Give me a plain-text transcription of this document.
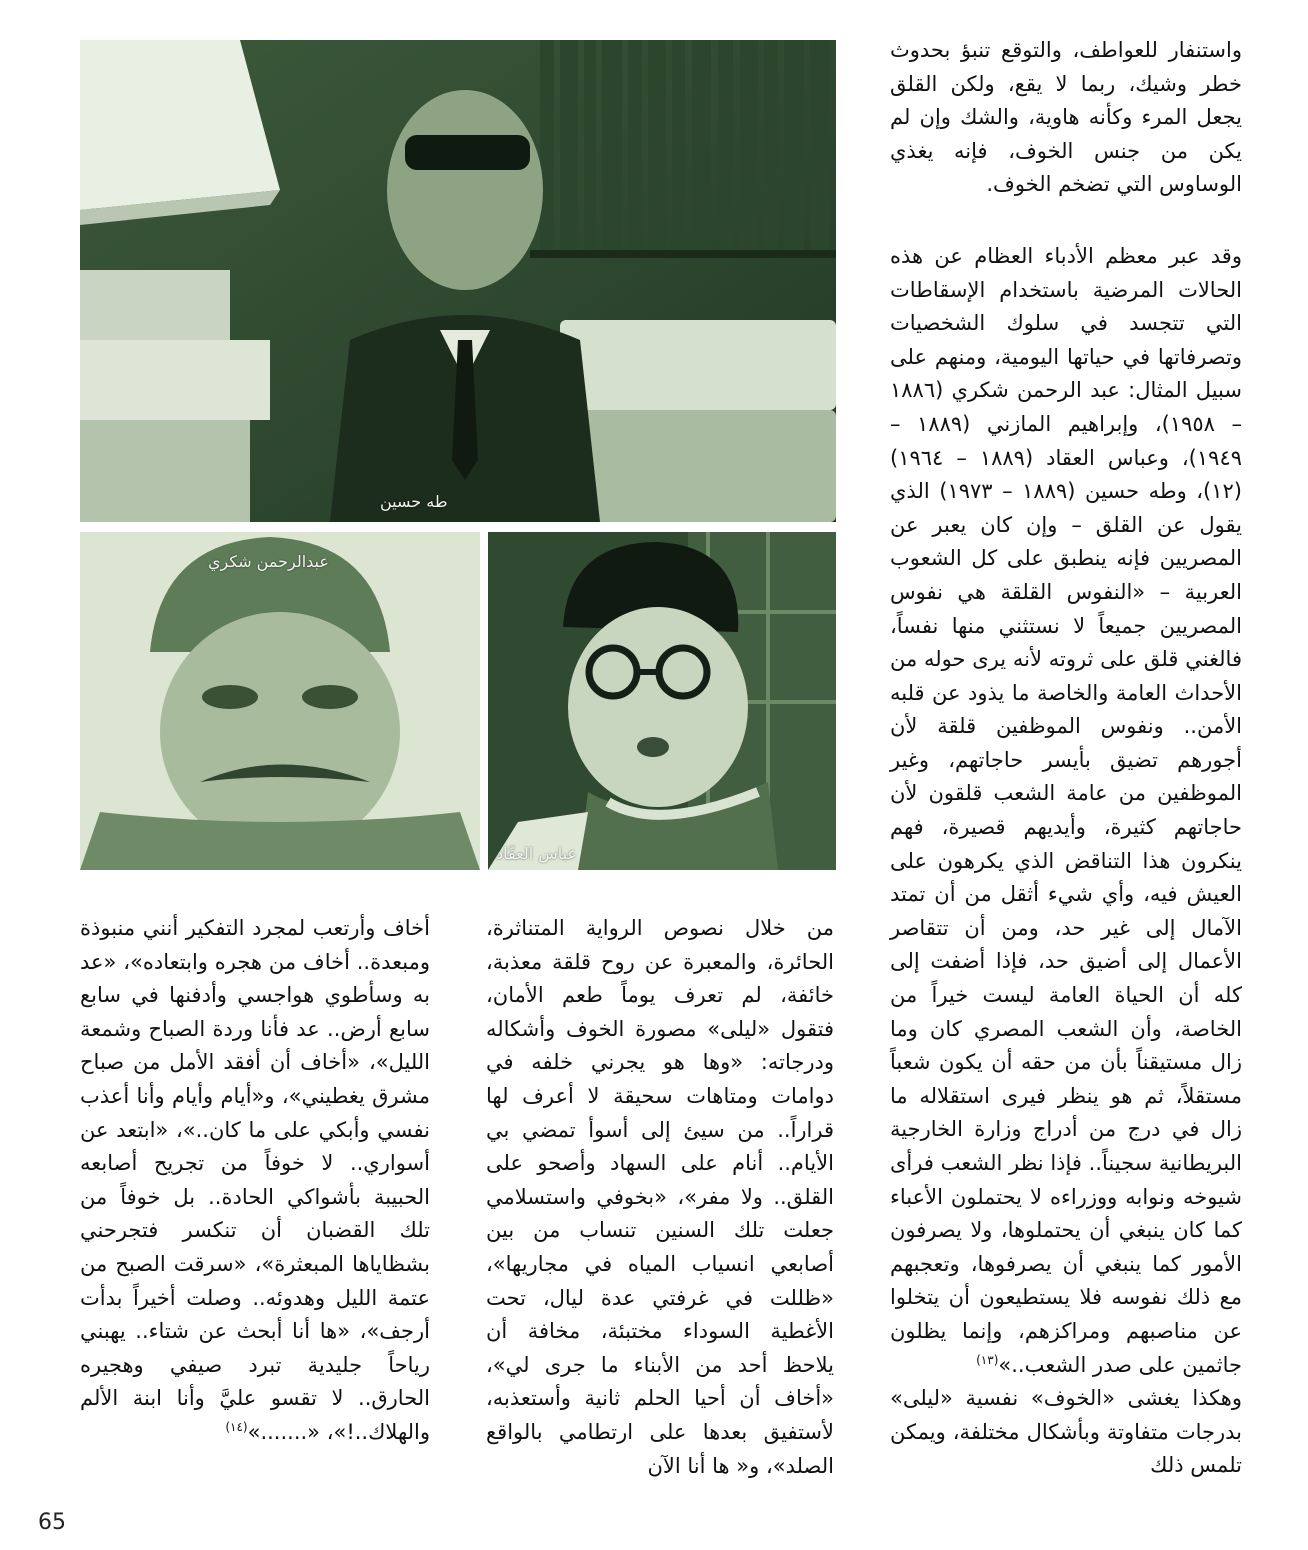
طه حسين
عبدالرحمن شكري
عباس العقّاد

واستنفار للعواطف، والتوقع تنبؤ بحدوث خطر وشيك، ربما لا يقع، ولكن القلق يجعل المرء وكأنه هاوية، والشك وإن لم يكن من جنس الخوف، فإنه يغذي الوساوس التي تضخم الخوف.

وقد عبر معظم الأدباء العظام عن هذه الحالات المرضية باستخدام الإسقاطات التي تتجسد في سلوك الشخصيات وتصرفاتها في حياتها اليومية، ومنهم على سبيل المثال: عبد الرحمن شكري (١٨٨٦ – ١٩٥٨)، وإبراهيم المازني (١٨٨٩ – ١٩٤٩)، وعباس العقاد (١٨٨٩ – ١٩٦٤)(١٢)، وطه حسين (١٨٨٩ – ١٩٧٣) الذي يقول عن القلق – وإن كان يعبر عن المصريين فإنه ينطبق على كل الشعوب العربية – «النفوس القلقة هي نفوس المصريين جميعاً لا نستثني منها نفساً، فالغني قلق على ثروته لأنه يرى حوله من الأحداث العامة والخاصة ما يذود عن قلبه الأمن.. ونفوس الموظفين قلقة لأن أجورهم تضيق بأيسر حاجاتهم، وغير الموظفين من عامة الشعب قلقون لأن حاجاتهم كثيرة، وأيديهم قصيرة، فهم ينكرون هذا التناقض الذي يكرهون على العيش فيه، وأي شيء أثقل من أن تمتد الآمال إلى غير حد، ومن أن تتقاصر الأعمال إلى أضيق حد، فإذا أضفت إلى كله أن الحياة العامة ليست خيراً من الخاصة، وأن الشعب المصري كان وما زال مستيقناً بأن من حقه أن يكون شعباً مستقلاً، ثم هو ينظر فيرى استقلاله ما زال في درج من أدراج وزارة الخارجية البريطانية سجيناً.. فإذا نظر الشعب فرأى شيوخه ونوابه ووزراءه لا يحتملون الأعباء كما كان ينبغي أن يحتملوها، ولا يصرفون الأمور كما ينبغي أن يصرفوها، وتعجبهم مع ذلك نفوسه فلا يستطيعون أن يتخلوا عن مناصبهم ومراكزهم، وإنما يظلون جاثمين على صدر الشعب..»$^{(١٣)}$

وهكذا يغشى «الخوف» نفسية «ليلى» بدرجات متفاوتة وبأشكال مختلفة، ويمكن تلمس ذلك

من خلال نصوص الرواية المتناثرة، الحائرة، والمعبرة عن روح قلقة معذبة، خائفة، لم تعرف يوماً طعم الأمان، فتقول «ليلى» مصورة الخوف وأشكاله ودرجاته: «وها هو يجرني خلفه في دوامات ومتاهات سحيقة لا أعرف لها قراراً.. من سيئ إلى أسوأ تمضي بي الأيام.. أنام على السهاد وأصحو على القلق.. ولا مفر»، «بخوفي واستسلامي جعلت تلك السنين تنساب من بين أصابعي انسياب المياه في مجاريها»، «ظللت في غرفتي عدة ليال، تحت الأغطية السوداء مختبئة، مخافة أن يلاحظ أحد من الأبناء ما جرى لي»، «أخاف أن أحيا الحلم ثانية وأستعذبه، لأستفيق بعدها على ارتطامي بالواقع الصلد»، و« ها أنا الآن

أخاف وأرتعب لمجرد التفكير أنني منبوذة ومبعدة.. أخاف من هجره وابتعاده»، «عد به وسأطوي هواجسي وأدفنها في سابع سابع أرض.. عد فأنا وردة الصباح وشمعة الليل»، «أخاف أن أفقد الأمل من صباح مشرق يغطيني»، و«أيام وأيام وأنا أعذب نفسي وأبكي على ما كان..»، «ابتعد عن أسواري.. لا خوفاً من تجريح أصابعه الحبيبة بأشواكي الحادة.. بل خوفاً من تلك القضبان أن تنكسر فتجرحني بشظاياها المبعثرة»، «سرقت الصبح من عتمة الليل وهدوئه.. وصلت أخيراً بدأت أرجف»، «ها أنا أبحث عن شتاء.. يهبني رياحاً جليدية تبرد صيفي وهجيره الحارق.. لا تقسو عليَّ وأنا ابنة الألم والهلاك..!»، «.......»$^{(١٤)}$

65
